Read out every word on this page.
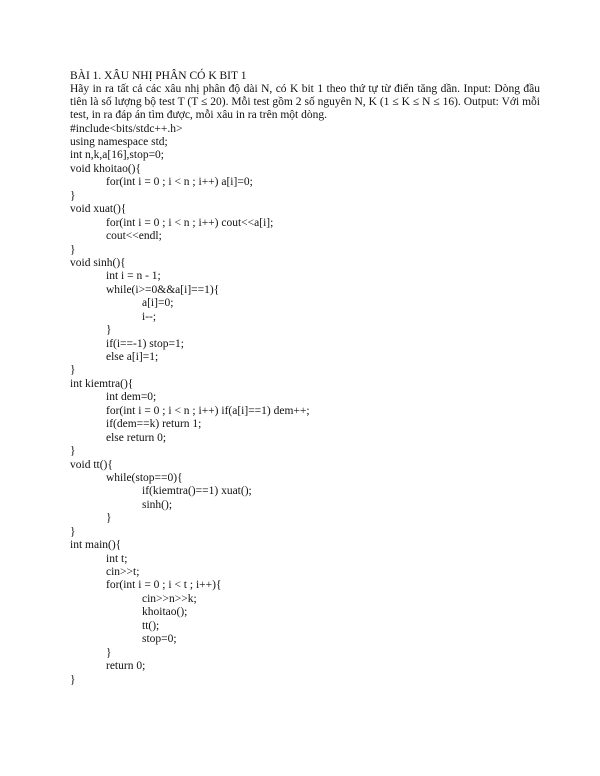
BÀI 1. XÂU NHỊ PHÂN CÓ K BIT 1

Hãy in ra tất cả các xâu nhị phân độ dài N, có K bit 1 theo thứ tự từ điển tăng dần. Input: Dòng đầu tiên là số lượng bộ test T (T ≤ 20). Mỗi test gồm 2 số nguyên N, K (1 ≤ K ≤ N ≤ 16). Output: Với mỗi test, in ra đáp án tìm được, mỗi xâu in ra trên một dòng.

#include<bits/stdc++.h>
using namespace std;
int n,k,a[16],stop=0;
void khoitao(){
for(int i = 0 ; i < n ; i++) a[i]=0;
}
void xuat(){
for(int i = 0 ; i < n ; i++) cout<<a[i];
cout<<endl;
}
void sinh(){
int i = n - 1;
while(i>=0&&a[i]==1){
a[i]=0;
i--;
}
if(i==-1) stop=1;
else a[i]=1;
}
int kiemtra(){
int dem=0;
for(int i = 0 ; i < n ; i++) if(a[i]==1) dem++;
if(dem==k) return 1;
else return 0;
}
void tt(){
while(stop==0){
if(kiemtra()==1) xuat();
sinh();
}
}
int main(){
int t;
cin>>t;
for(int i = 0 ; i < t ; i++){
cin>>n>>k;
khoitao();
tt();
stop=0;
}
return 0;
}
